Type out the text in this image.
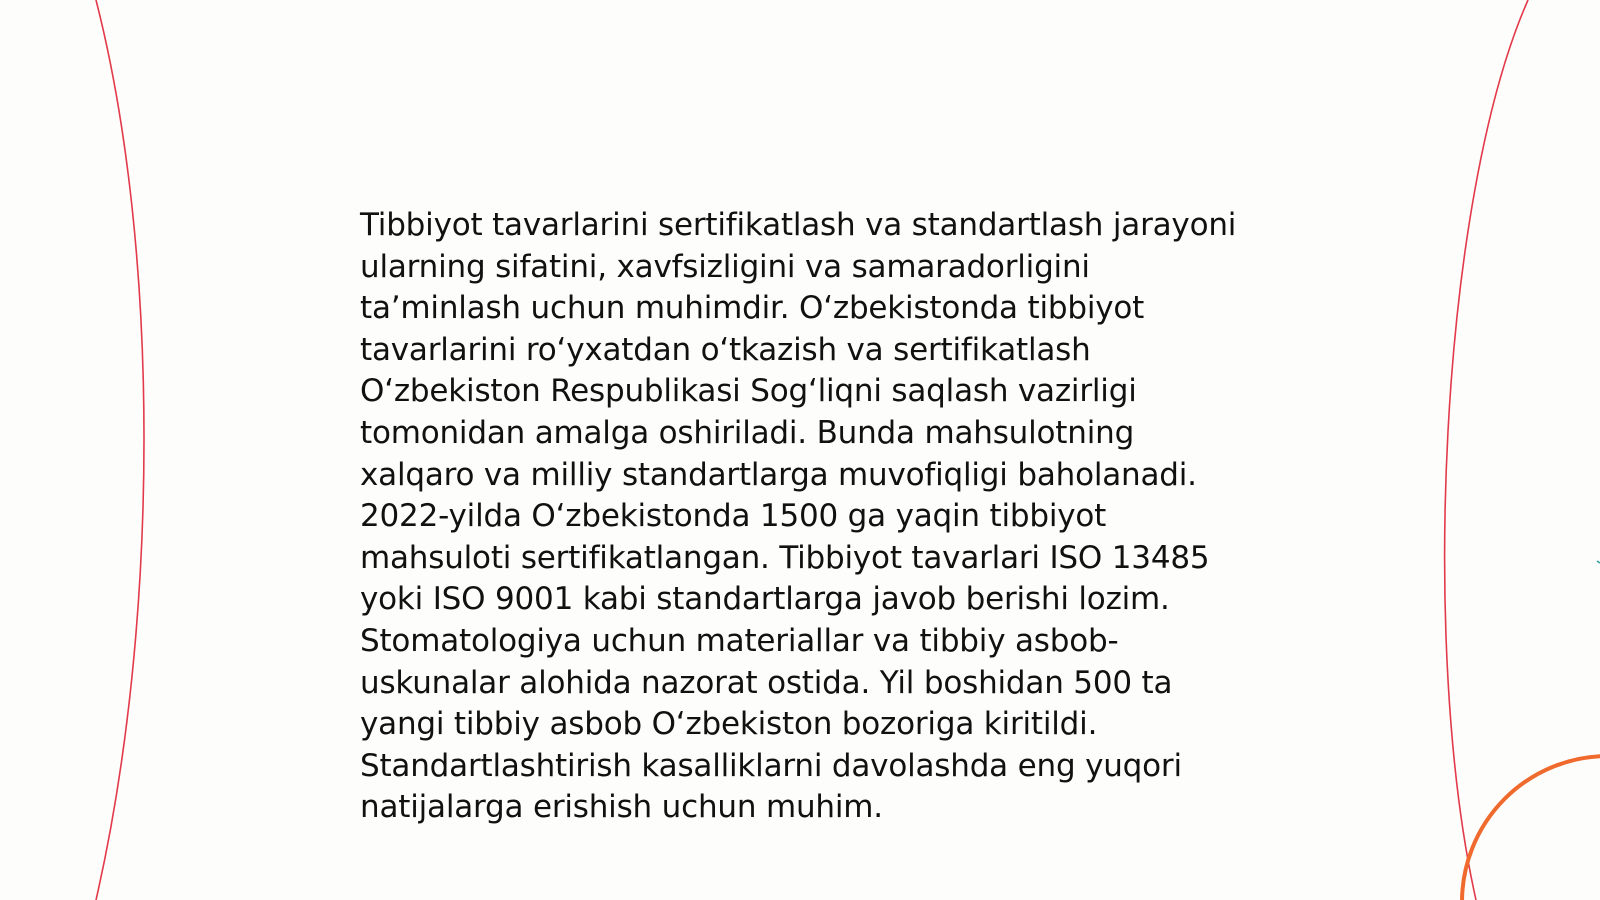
Tibbiyot tavarlarini sertifikatlash va standartlash jarayoni ularning sifatini, xavfsizligini va samaradorligini ta’minlash uchun muhimdir. O‘zbekistonda tibbiyot tavarlarini ro‘yxatdan o‘tkazish va sertifikatlash O‘zbekiston Respublikasi Sog‘liqni saqlash vazirligi tomonidan amalga oshiriladi. Bunda mahsulotning xalqaro va milliy standartlarga muvofiqligi baholanadi. 2022-yilda O‘zbekistonda 1500 ga yaqin tibbiyot mahsuloti sertifikatlangan. Tibbiyot tavarlari ISO 13485 yoki ISO 9001 kabi standartlarga javob berishi lozim. Stomatologiya uchun materiallar va tibbiy asbob-uskunalar alohida nazorat ostida. Yil boshidan 500 ta yangi tibbiy asbob O‘zbekiston bozoriga kiritildi. Standartlashtirish kasalliklarni davolashda eng yuqori natijalarga erishish uchun muhim.
